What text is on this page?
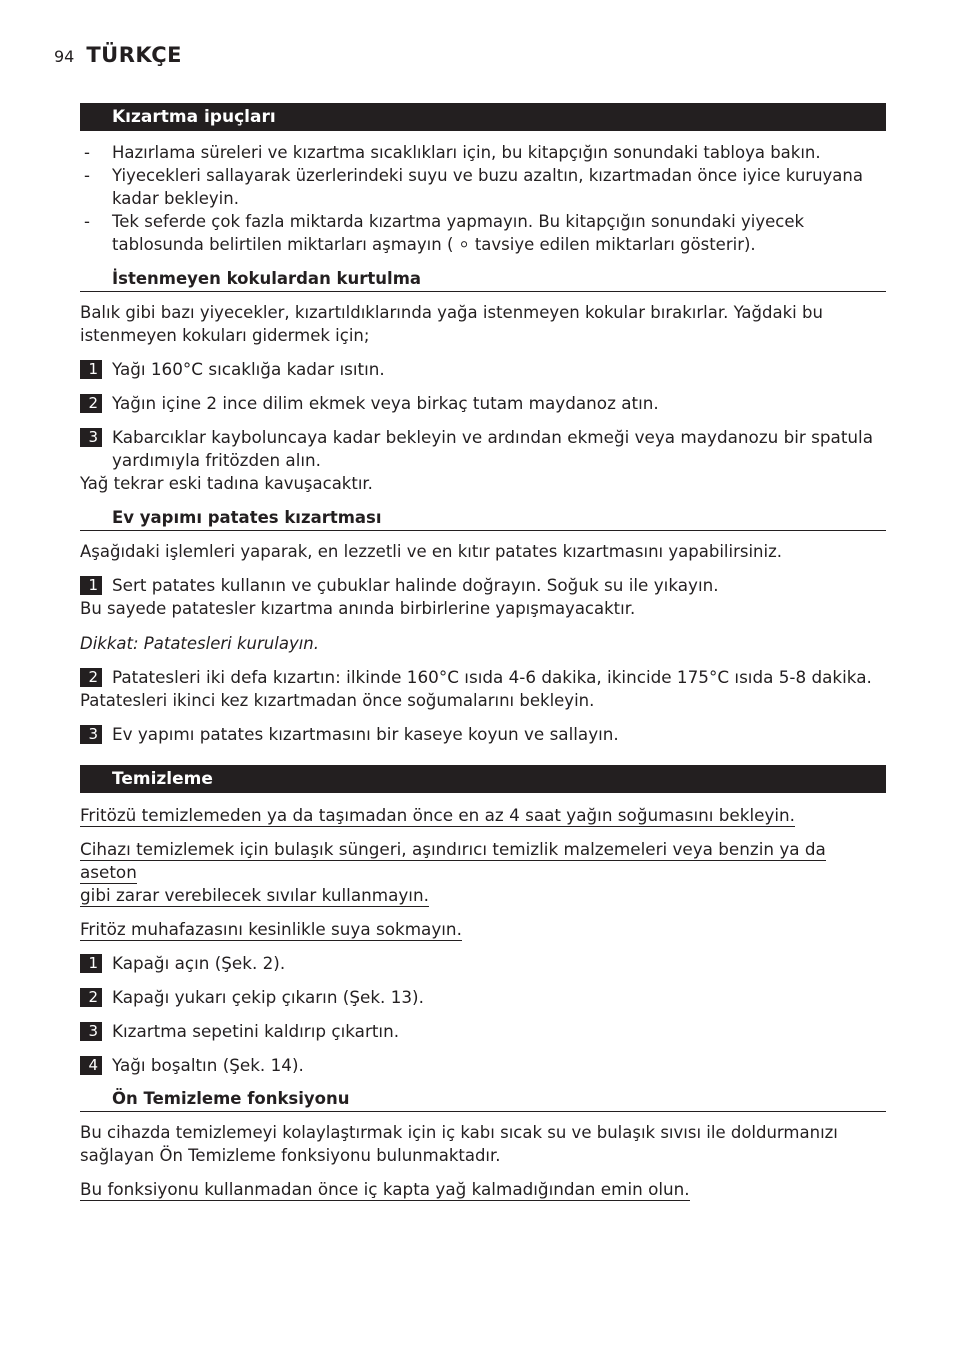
94 TÜRKÇE
Kızartma ipuçları
- Hazırlama süreleri ve kızartma sıcaklıkları için, bu kitapçığın sonundaki tabloya bakın.
- Yiyecekleri sallayarak üzerlerindeki suyu ve buzu azaltın, kızartmadan önce iyice kuruyana kadar bekleyin.
- Tek seferde çok fazla miktarda kızartma yapmayın. Bu kitapçığın sonundaki yiyecek tablosunda belirtilen miktarları aşmayın ( ⚪ tavsiye edilen miktarları gösterir).
İstenmeyen kokulardan kurtulma
Balık gibi bazı yiyecekler, kızartıldıklarında yağa istenmeyen kokular bırakırlar. Yağdaki bu istenmeyen kokuları gidermek için;
1 Yağı 160°C sıcaklığa kadar ısıtın.
2 Yağın içine 2 ince dilim ekmek veya birkaç tutam maydanoz atın.
3 Kabarcıklar kayboluncaya kadar bekleyin ve ardından ekmeği veya maydanozu bir spatula yardımıyla fritözden alın.
Yağ tekrar eski tadına kavuşacaktır.
Ev yapımı patates kızartması
Aşağıdaki işlemleri yaparak, en lezzetli ve en kıtır patates kızartmasını yapabilirsiniz.
1 Sert patates kullanın ve çubuklar halinde doğrayın. Soğuk su ile yıkayın.
Bu sayede patatesler kızartma anında birbirlerine yapışmayacaktır.
Dikkat: Patatesleri kurulayın.
2 Patatesleri iki defa kızartın: ilkinde 160°C ısıda 4-6 dakika, ikincide 175°C ısıda 5-8 dakika.
Patatesleri ikinci kez kızartmadan önce soğumalarını bekleyin.
3 Ev yapımı patates kızartmasını bir kaseye koyun ve sallayın.
Temizleme
Fritözü temizlemeden ya da taşımadan önce en az 4 saat yağın soğumasını bekleyin.
Cihazı temizlemek için bulaşık süngeri, aşındırıcı temizlik malzemeleri veya benzin ya da aseton
gibi zarar verebilecek sıvılar kullanmayın.
Fritöz muhafazasını kesinlikle suya sokmayın.
1 Kapağı açın (Şek. 2).
2 Kapağı yukarı çekip çıkarın (Şek. 13).
3 Kızartma sepetini kaldırıp çıkartın.
4 Yağı boşaltın (Şek. 14).
Ön Temizleme fonksiyonu
Bu cihazda temizlemeyi kolaylaştırmak için iç kabı sıcak su ve bulaşık sıvısı ile doldurmanızı sağlayan Ön Temizleme fonksiyonu bulunmaktadır.
Bu fonksiyonu kullanmadan önce iç kapta yağ kalmadığından emin olun.
